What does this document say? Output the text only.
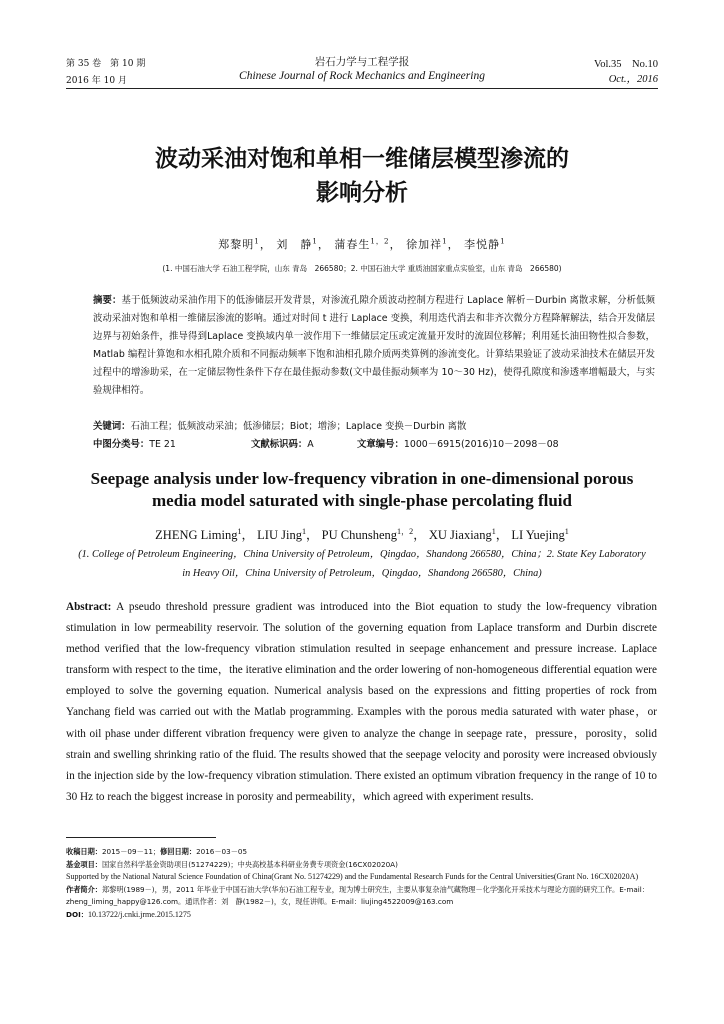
第 35 卷　第 10 期
2016 年 10 月
岩石力学与工程学报
Chinese Journal of Rock Mechanics and Engineering
Vol.35　No.10
Oct.，2016
波动采油对饱和单相一维储层模型渗流的
影响分析
郑黎明$^1$， 刘　静$^1$， 蒲春生$^{1,2}$， 徐加祥$^1$， 李悦静$^1$
(1. 中国石油大学 石油工程学院，山东 青岛　266580；2. 中国石油大学 重质油国家重点实验室，山东 青岛　266580)
摘要：基于低频波动采油作用下的低渗储层开发背景，对渗流孔隙介质波动控制方程进行 Laplace 解析－Durbin 离散求解，分析低频波动采油对饱和单相一维储层渗流的影响。通过对时间 t 进行 Laplace 变换，利用迭代消去和非齐次微分方程降解解法，结合开发储层边界与初始条件，推导得到Laplace 变换域内单一波作用下一维储层定压或定流量开发时的流固位移解；利用延长油田物性拟合参数，Matlab 编程计算饱和水相孔隙介质和不同振动频率下饱和油相孔隙介质两类算例的渗流变化。计算结果验证了波动采油技术在储层开发过程中的增渗助采，在一定储层物性条件下存在最佳振动参数(文中最佳振动频率为 10～30 Hz)，使得孔隙度和渗透率增幅最大，与实验规律相符。
关键词：石油工程；低频波动采油；低渗储层；Biot；增渗；Laplace 变换－Durbin 离散
中图分类号：TE 21	文献标识码：A	文章编号：1000－6915(2016)10－2098－08
Seepage analysis under low-frequency vibration in one-dimensional porous
media model saturated with single-phase percolating fluid
ZHENG Liming$^1$， LIU Jing$^1$， PU Chunsheng$^{1,2}$， XU Jiaxiang$^1$， LI Yuejing$^1$
(1. College of Petroleum Engineering，China University of Petroleum，Qingdao，Shandong 266580，China；2. State Key Laboratory
in Heavy Oil，China University of Petroleum，Qingdao，Shandong 266580，China)
Abstract: A pseudo threshold pressure gradient was introduced into the Biot equation to study the low-frequency vibration stimulation in low permeability reservoir. The solution of the governing equation from Laplace transform and Durbin discrete method verified that the low-frequency vibration stimulation resulted in seepage enhancement and pressure increase. Laplace transform with respect to the time，the iterative elimination and the order lowering of non-homogeneous differential equation were employed to solve the governing equation. Numerical analysis based on the expressions and fitting properties of rock from Yanchang field was carried out with the Matlab programming. Examples with the porous media saturated with water phase，or with oil phase under different vibration frequency were given to analyze the change in seepage rate，pressure，porosity，solid strain and swelling shrinking ratio of the fluid. The results showed that the seepage velocity and porosity were increased obviously in the injection side by the low-frequency vibration stimulation. There existed an optimum vibration frequency in the range of 10 to 30 Hz to reach the biggest increase in porosity and permeability，which agreed with experiment results.
收稿日期：2015－09－11；修回日期：2016－03－05
基金项目：国家自然科学基金资助项目(51274229)；中央高校基本科研业务费专项资金(16CX02020A)
Supported by the National Natural Science Foundation of China(Grant No. 51274229) and the Fundamental Research Funds for the Central Universities(Grant No. 16CX02020A)
作者简介：郑黎明(1989－)，男，2011 年毕业于中国石油大学(华东)石油工程专业，现为博士研究生，主要从事复杂油气藏物理－化学强化开采技术与理论方面的研究工作。E-mail：zheng_liming_happy@126.com。通讯作者：刘　静(1982－)，女，现任讲师。E-mail：liujing4522009@163.com
DOI：10.13722/j.cnki.jrme.2015.1275
